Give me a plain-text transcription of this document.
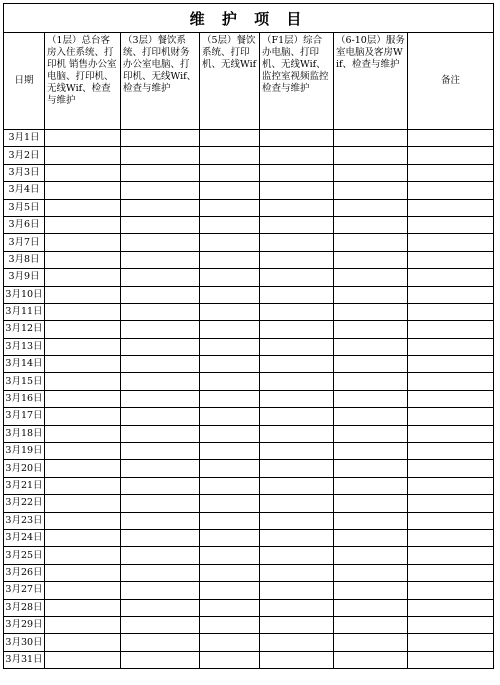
维 护 项 目						
日期	（1层）总台客房入住系统、打印机 销售办公室电脑、打印机、无线Wif、检查与维护	（3层）餐饮系统、打印机财务办公室电脑、打印机、无线Wif、检查与维护	（5层）餐饮系统、打印机、无线Wif	（F1层）综合办电脑、打印机、无线Wif、监控室视频监控检查与维护	（6-10层）服务室电脑及客房Wif、检查与维护	备注
3月1日						
3月2日						
3月3日						
3月4日						
3月5日						
3月6日						
3月7日						
3月8日						
3月9日						
3月10日						
3月11日						
3月12日						
3月13日						
3月14日						
3月15日						
3月16日						
3月17日						
3月18日						
3月19日						
3月20日						
3月21日						
3月22日						
3月23日						
3月24日						
3月25日						
3月26日						
3月27日						
3月28日						
3月29日						
3月30日						
3月31日						
